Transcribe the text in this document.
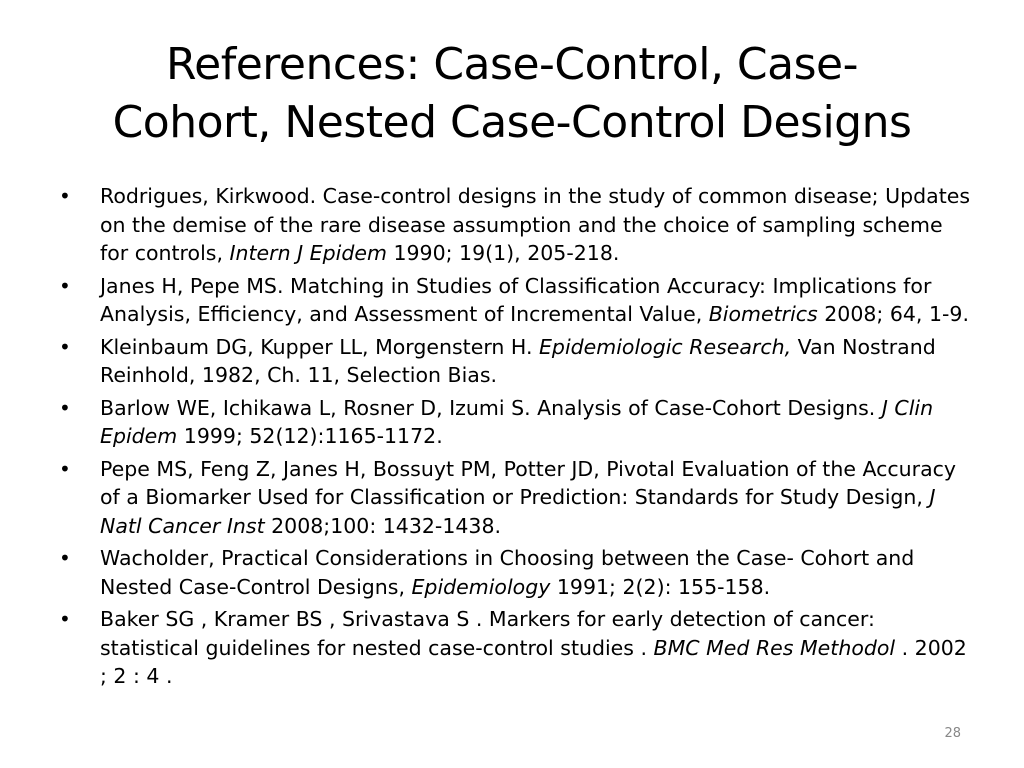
References: Case-Control, Case-
Cohort, Nested Case-Control Designs
• Rodrigues, Kirkwood. Case-control designs in the study of common disease; Updates on the demise of the rare disease assumption and the choice of sampling scheme for controls, Intern J Epidem 1990; 19(1), 205-218.
• Janes H, Pepe MS. Matching in Studies of Classification Accuracy: Implications for Analysis, Efficiency, and Assessment of Incremental Value, Biometrics 2008; 64, 1-9.
• Kleinbaum DG, Kupper LL, Morgenstern H. Epidemiologic Research, Van Nostrand Reinhold, 1982, Ch. 11, Selection Bias.
• Barlow WE, Ichikawa L, Rosner D, Izumi S. Analysis of Case-Cohort Designs. J Clin Epidem 1999; 52(12):1165-1172.
• Pepe MS, Feng Z, Janes H, Bossuyt PM, Potter JD, Pivotal Evaluation of the Accuracy of a Biomarker Used for Classification or Prediction: Standards for Study Design, J Natl Cancer Inst 2008;100: 1432-1438.
• Wacholder, Practical Considerations in Choosing between the Case- Cohort and Nested Case-Control Designs, Epidemiology 1991; 2(2): 155-158.
• Baker SG , Kramer BS , Srivastava S . Markers for early detection of cancer: statistical guidelines for nested case-control studies . BMC Med Res Methodol . 2002 ; 2 : 4 .
28
